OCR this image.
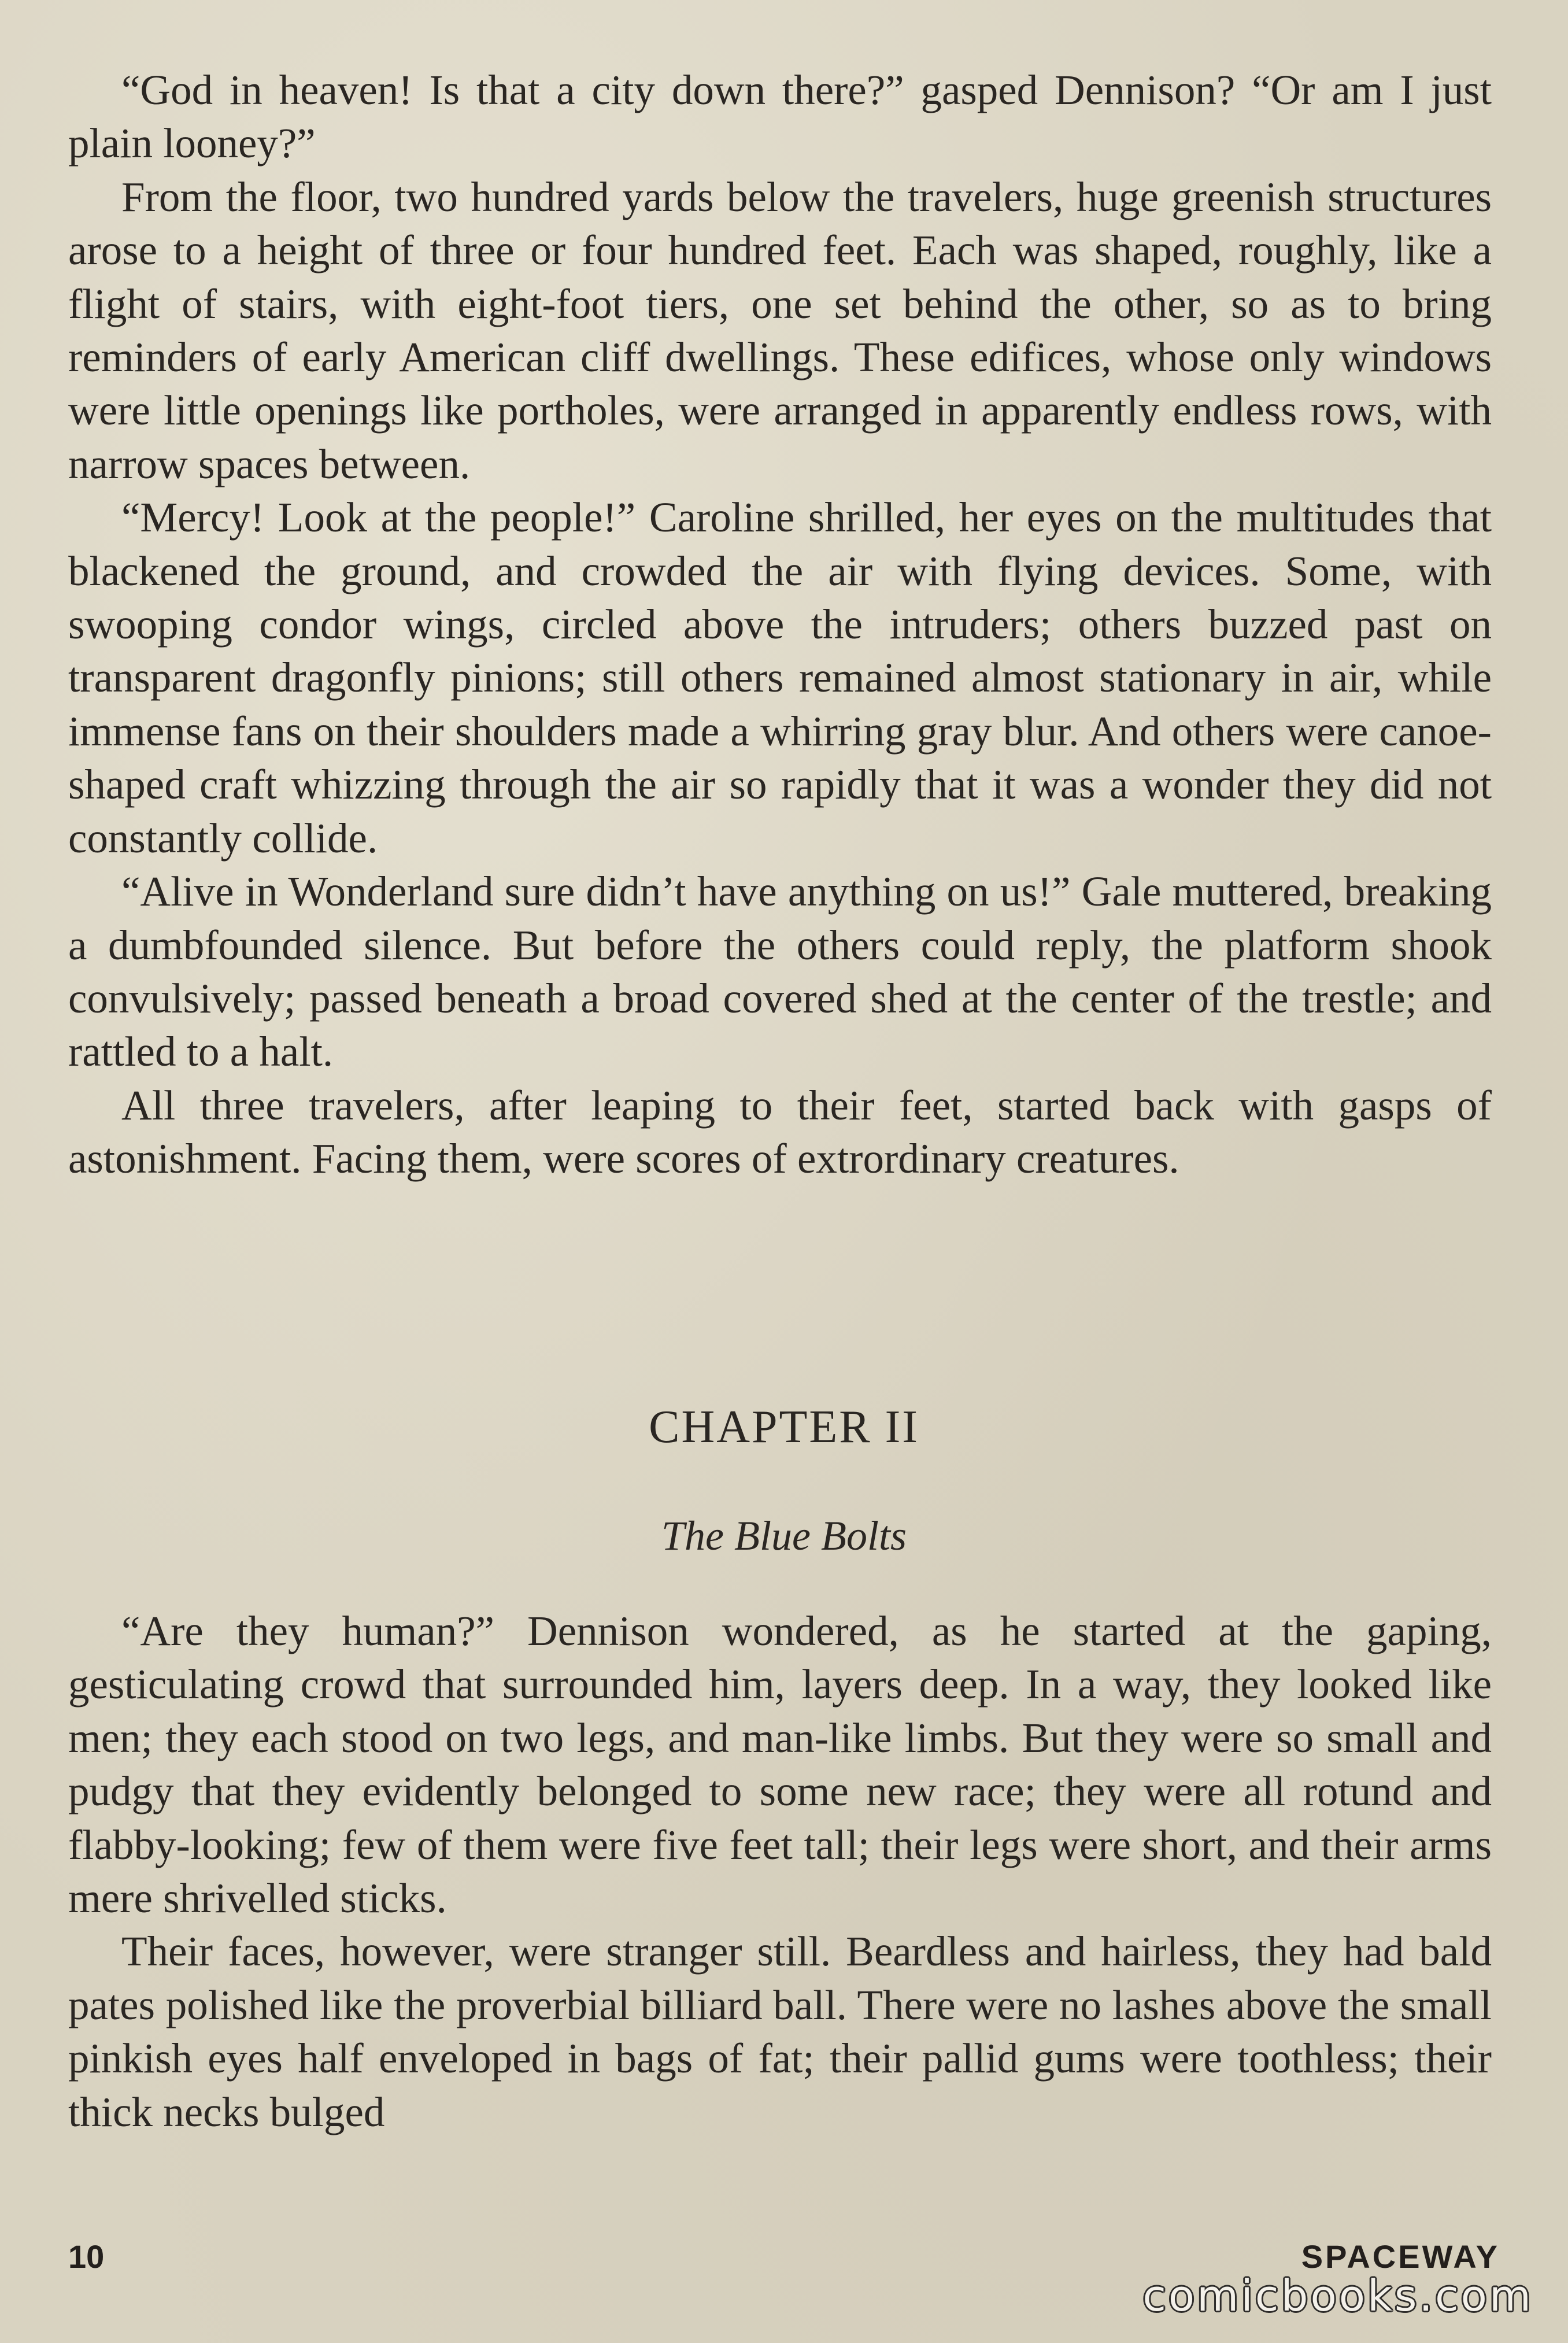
“God in heaven! Is that a city down there?” gasped Dennison? “Or am I just plain looney?”

From the floor, two hundred yards below the travelers, huge greenish structures arose to a height of three or four hundred feet. Each was shaped, roughly, like a flight of stairs, with eight-foot tiers, one set behind the other, so as to bring reminders of early American cliff dwellings. These edifices, whose only windows were little openings like portholes, were arranged in apparently endless rows, with narrow spaces between.

“Mercy! Look at the people!” Caroline shrilled, her eyes on the multitudes that blackened the ground, and crowded the air with flying devices. Some, with swooping condor wings, circled above the intruders; others buzzed past on transparent dragonfly pinions; still others remained almost stationary in air, while immense fans on their shoulders made a whirring gray blur. And others were canoe-shaped craft whizzing through the air so rapidly that it was a wonder they did not constantly collide.

“Alive in Wonderland sure didn’t have anything on us!” Gale muttered, breaking a dumbfounded silence. But before the others could reply, the platform shook convulsively; passed beneath a broad covered shed at the center of the trestle; and rattled to a halt.

All three travelers, after leaping to their feet, started back with gasps of astonishment. Facing them, were scores of extrordinary creatures.

CHAPTER II
The Blue Bolts

“Are they human?” Dennison wondered, as he started at the gaping, gesticulating crowd that surrounded him, layers deep. In a way, they looked like men; they each stood on two legs, and man-like limbs. But they were so small and pudgy that they evidently belonged to some new race; they were all rotund and flabby-looking; few of them were five feet tall; their legs were short, and their arms mere shrivelled sticks.

Their faces, however, were stranger still. Beardless and hairless, they had bald pates polished like the proverbial billiard ball. There were no lashes above the small pinkish eyes half enveloped in bags of fat; their pallid gums were toothless; their thick necks bulged

10	SPACEWAY
comicbooks.com
